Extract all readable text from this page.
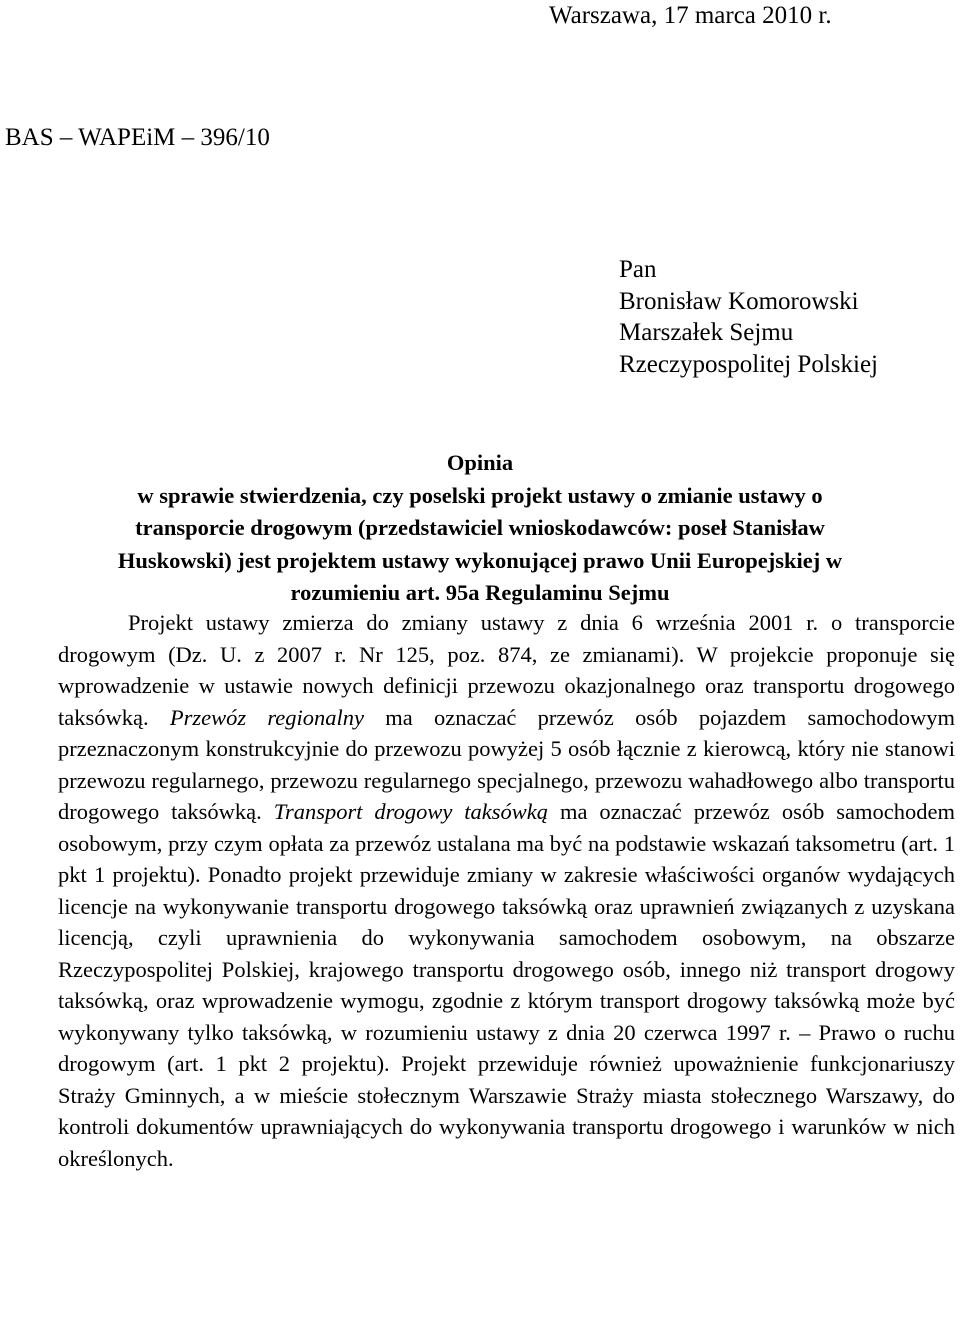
Warszawa, 17 marca 2010 r.
BAS – WAPEiM – 396/10
Pan
Bronisław Komorowski
Marszałek Sejmu
Rzeczypospolitej Polskiej
Opinia
w sprawie stwierdzenia, czy poselski projekt ustawy o zmianie ustawy o
transporcie drogowym (przedstawiciel wnioskodawców: poseł Stanisław
Huskowski) jest projektem ustawy wykonującej prawo Unii Europejskiej w
rozumieniu art. 95a Regulaminu Sejmu

Projekt ustawy zmierza do zmiany ustawy z dnia 6 września 2001 r. o transporcie drogowym (Dz. U. z 2007 r. Nr 125, poz. 874, ze zmianami). W projekcie proponuje się wprowadzenie w ustawie nowych definicji przewozu okazjonalnego oraz transportu drogowego taksówką. Przewóz regionalny ma oznaczać przewóz osób pojazdem samochodowym przeznaczonym konstrukcyjnie do przewozu powyżej 5 osób łącznie z kierowcą, który nie stanowi przewozu regularnego, przewozu regularnego specjalnego, przewozu wahadłowego albo transportu drogowego taksówką. Transport drogowy taksówką ma oznaczać przewóz osób samochodem osobowym, przy czym opłata za przewóz ustalana ma być na podstawie wskazań taksometru (art. 1 pkt 1 projektu). Ponadto projekt przewiduje zmiany w zakresie właściwości organów wydających licencje na wykonywanie transportu drogowego taksówką oraz uprawnień związanych z uzyskana licencją, czyli uprawnienia do wykonywania samochodem osobowym, na obszarze Rzeczypospolitej Polskiej, krajowego transportu drogowego osób, innego niż transport drogowy taksówką, oraz wprowadzenie wymogu, zgodnie z którym transport drogowy taksówką może być wykonywany tylko taksówką, w rozumieniu ustawy z dnia 20 czerwca 1997 r. – Prawo o ruchu drogowym (art. 1 pkt 2 projektu). Projekt przewiduje również upoważnienie funkcjonariuszy Straży Gminnych, a w mieście stołecznym Warszawie Straży miasta stołecznego Warszawy, do kontroli dokumentów uprawniających do wykonywania transportu drogowego i warunków w nich określonych.
